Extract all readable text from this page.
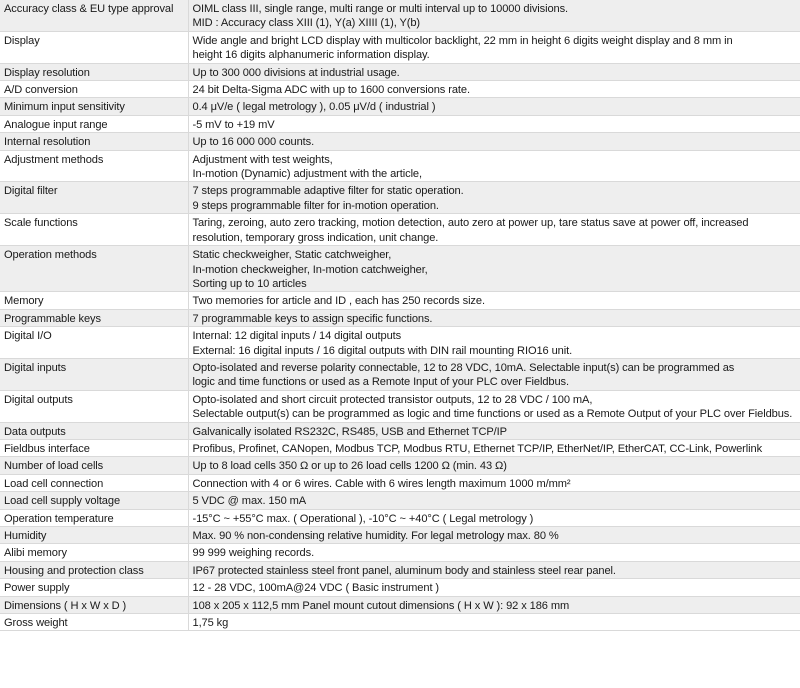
Accuracy class & EU type approval	OIML class III, single range, multi range or multi interval up to 10000 divisions.
MID : Accuracy class XIII (1), Y(a) XIIII (1), Y(b)

Display	Wide angle and bright LCD display with multicolor backlight, 22 mm in height 6 digits weight display and 8 mm in
height 16 digits alphanumeric information display.

Display resolution	Up to 300 000 divisions at industrial usage.

A/D conversion	24 bit Delta-Sigma ADC with up to 1600 conversions rate.

Minimum input sensitivity	0.4 μV/e ( legal metrology ), 0.05 μV/d ( industrial )

Analogue input range	-5 mV to +19 mV

Internal resolution	Up to 16 000 000 counts.

Adjustment methods	Adjustment with test weights,
In-motion (Dynamic) adjustment with the article,

Digital filter	7 steps programmable adaptive filter for static operation.
9 steps programmable filter for in-motion operation.

Scale functions	Taring, zeroing, auto zero tracking, motion detection, auto zero at power up, tare status save at power off, increased
resolution, temporary gross indication, unit change.

Operation methods	Static checkweigher, Static catchweigher,
In-motion checkweigher, In-motion catchweigher,
Sorting up to 10 articles

Memory	Two memories for article and ID , each has 250 records size.

Programmable keys	7 programmable keys to assign specific functions.

Digital I/O	Internal: 12 digital inputs / 14 digital outputs
External: 16 digital inputs / 16 digital outputs with DIN rail mounting RIO16 unit.

Digital inputs	Opto-isolated and reverse polarity connectable, 12 to 28 VDC, 10mA. Selectable input(s) can be programmed as
logic and time functions or used as a Remote Input of your PLC over Fieldbus.

Digital outputs	Opto-isolated and short circuit protected transistor outputs, 12 to 28 VDC / 100 mA,
Selectable output(s) can be programmed as logic and time functions or used as a Remote Output of your PLC over Fieldbus.

Data outputs	Galvanically isolated RS232C, RS485, USB and Ethernet TCP/IP

Fieldbus interface	Profibus, Profinet, CANopen, Modbus TCP, Modbus RTU, Ethernet TCP/IP, EtherNet/IP, EtherCAT, CC-Link, Powerlink

Number of load cells	Up to 8 load cells 350 Ω or up to 26 load cells 1200 Ω (min. 43 Ω)

Load cell connection	Connection with 4 or 6 wires. Cable with 6 wires length maximum 1000 m/mm²

Load cell supply voltage	5 VDC @ max. 150 mA

Operation temperature	-15°C ~ +55°C max. ( Operational ), -10°C ~ +40°C ( Legal metrology )

Humidity	Max. 90 % non-condensing relative humidity. For legal metrology max. 80 %

Alibi memory	99 999 weighing records.

Housing and protection class	IP67 protected stainless steel front panel, aluminum body and stainless steel rear panel.

Power supply	12 - 28 VDC, 100mA@24 VDC ( Basic instrument )

Dimensions ( H x W x D )	108 x 205 x 112,5 mm Panel mount cutout dimensions ( H x W ): 92 x 186 mm

Gross weight	1,75 kg
